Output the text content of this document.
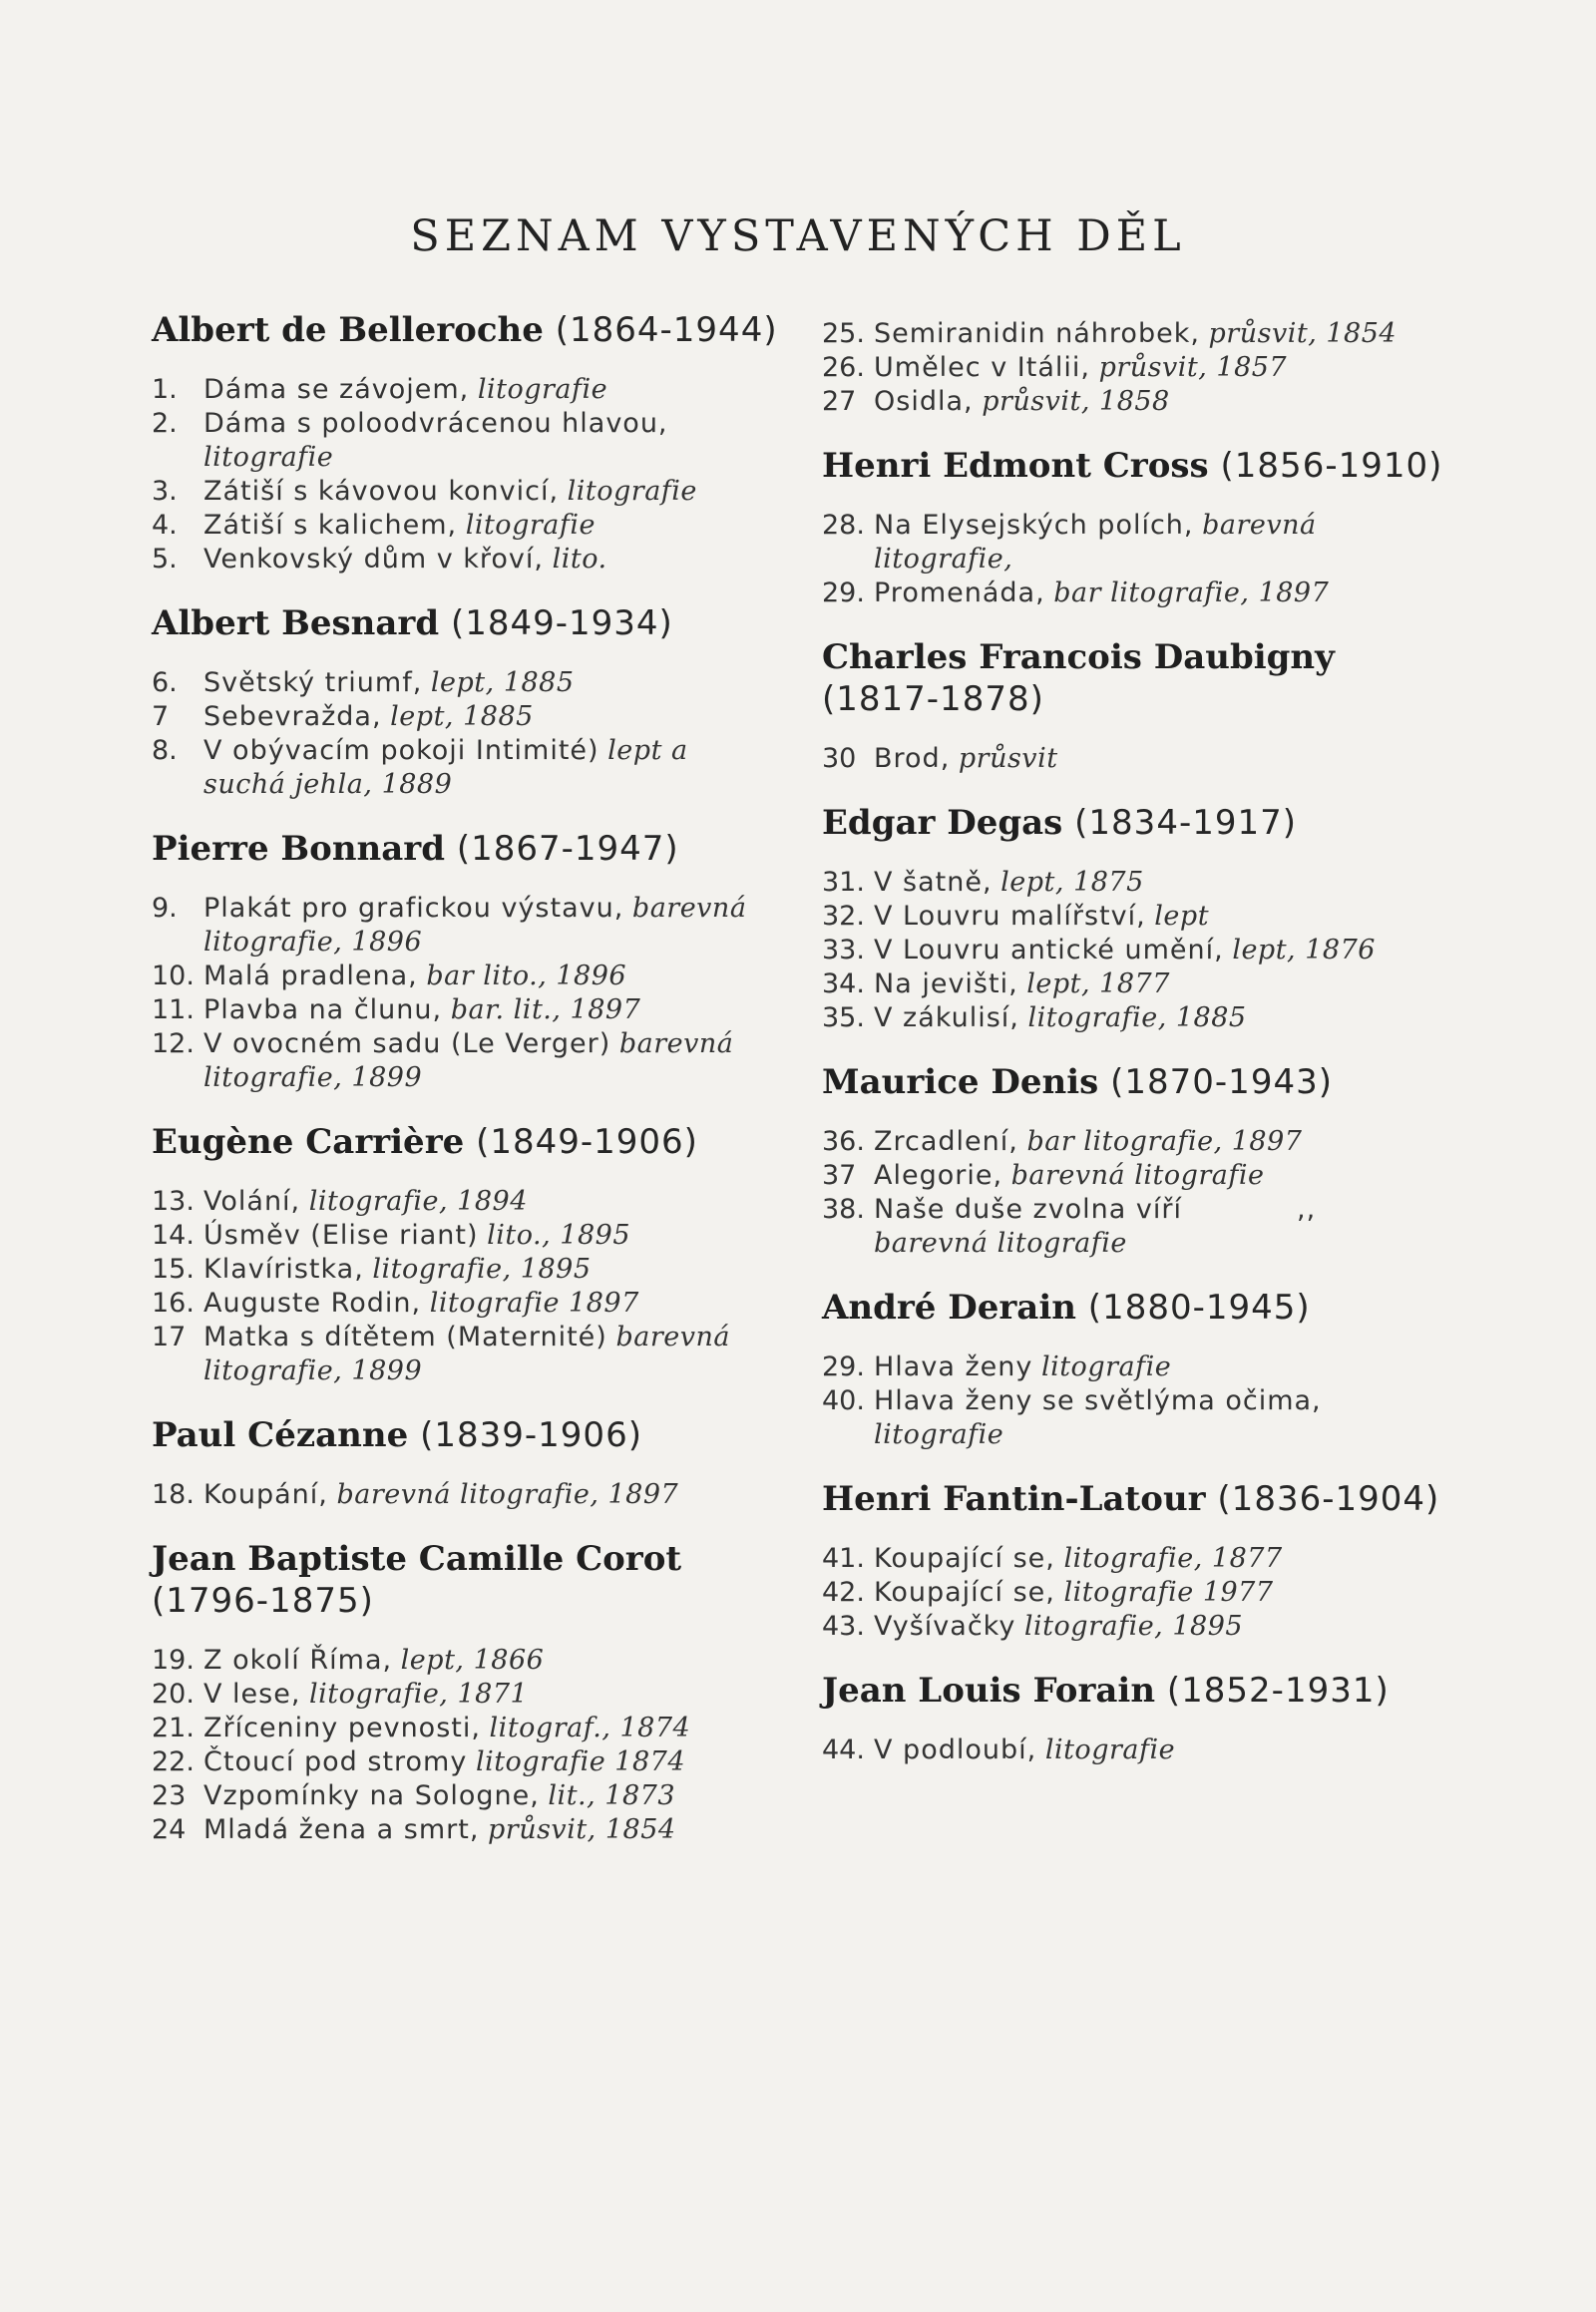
SEZNAM VYSTAVENÝCH DĚL
Albert de Belleroche (1864-1944)
1. Dáma se závojem, litografie
2. Dáma s poloodvrácenou hlavou, litografie
3. Zátiší s kávovou konvicí, litografie
4. Zátiší s kalichem, litografie
5. Venkovský dům v křoví, lito.
Albert Besnard (1849-1934)
6. Světský triumf, lept, 1885
7	Sebevražda, lept, 1885
8. V obývacím pokoji Intimité) lept a suchá jehla, 1889
Pierre Bonnard (1867-1947)
9. Plakát pro grafickou výstavu, barevná litografie, 1896
10. Malá pradlena, bar lito., 1896
11. Plavba na člunu, bar. lit., 1897
12. V ovocném sadu (Le Verger) barevná litografie, 1899
Eugène Carrière (1849-1906)
13. Volání, litografie, 1894
14. Úsměv (Elise riant) lito., 1895
15. Klavíristka, litografie, 1895
16. Auguste Rodin, litografie 1897
17 Matka s dítětem (Maternité) barevná litografie, 1899
Paul Cézanne (1839-1906)
18. Koupání, barevná litografie, 1897
Jean Baptiste Camille Corot (1796-1875)
19. Z okolí Říma, lept, 1866
20. V lese, litografie, 1871
21. Zříceniny pevnosti, litograf., 1874
22. Čtoucí pod stromy litografie 1874
23 Vzpomínky na Sologne, lit., 1873
24 Mladá žena a smrt, průsvit, 1854
25. Semiranidin náhrobek, průsvit, 1854
26. Umělec v Itálii, průsvit, 1857
27 Osidla, průsvit, 1858
Henri Edmont Cross (1856-1910)
28. Na Elysejských polích, barevná litografie,
29. Promenáda, bar litografie, 1897
Charles Francois Daubigny (1817-1878)
30 Brod, průsvit
Edgar Degas (1834-1917)
31. V šatně, lept, 1875
32. V Louvru malířství, lept
33. V Louvru antické umění, lept, 1876
34. Na jevišti, lept, 1877
35. V zákulisí, litografie, 1885
Maurice Denis (1870-1943)
36. Zrcadlení, bar litografie, 1897
37 Alegorie, barevná litografie
38. Naše duše zvolna víří            ,, barevná litografie
André Derain (1880-1945)
29. Hlava ženy litografie
40. Hlava ženy se světlýma očima, litografie
Henri Fantin-Latour (1836-1904)
41. Koupající se, litografie, 1877
42. Koupající se, litografie 1977
43. Vyšívačky litografie, 1895
Jean Louis Forain (1852-1931)
44. V podloubí, litografie
